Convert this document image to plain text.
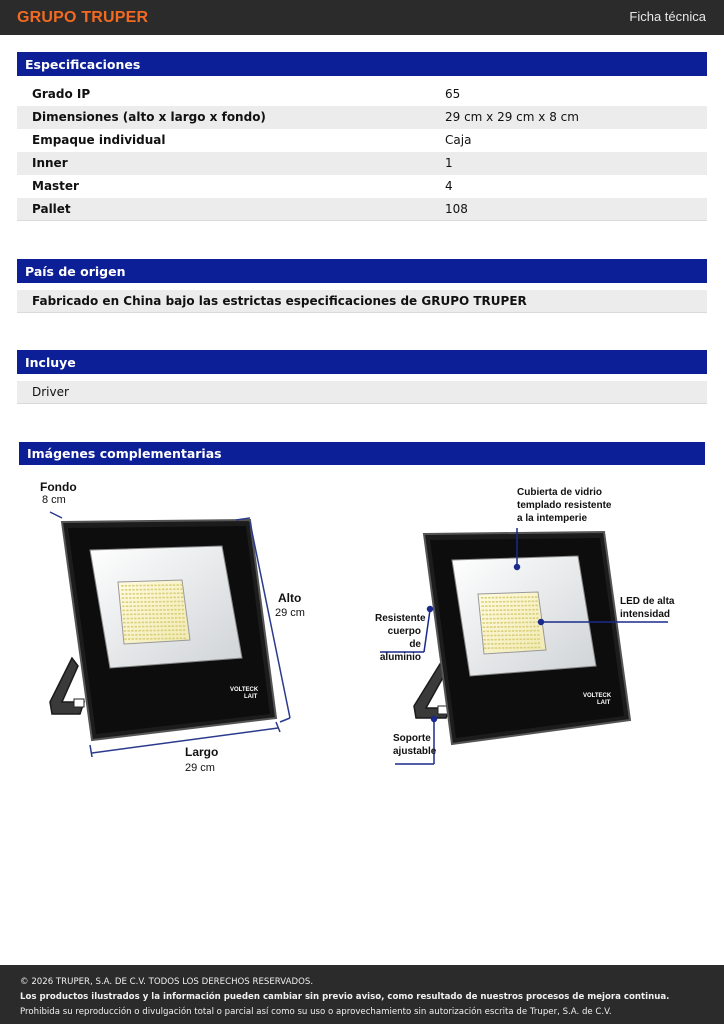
GRUPO TRUPER	Ficha técnica
Especificaciones
Grado IP	65
Dimensiones (alto x largo x fondo)	29 cm x 29 cm x 8 cm
Empaque individual	Caja
Inner	1
Master	4
Pallet	108
País de origen
Fabricado en China bajo las estrictas especificaciones de GRUPO TRUPER
Incluye
Driver
Imágenes complementarias
Fondo
8 cm
Alto
29 cm
Largo
29 cm
VOLTECK
LAIT
Cubierta de vidrio
templado resistente
a la intemperie
LED de alta
intensidad
Resistente
cuerpo de
aluminio
Soporte
ajustable
VOLTECK
LAIT
© 2026 TRUPER, S.A. DE C.V. TODOS LOS DERECHOS RESERVADOS.
Los productos ilustrados y la información pueden cambiar sin previo aviso, como resultado de nuestros procesos de mejora continua.
Prohibida su reproducción o divulgación total o parcial así como su uso o aprovechamiento sin autorización escrita de Truper, S.A. de C.V.
